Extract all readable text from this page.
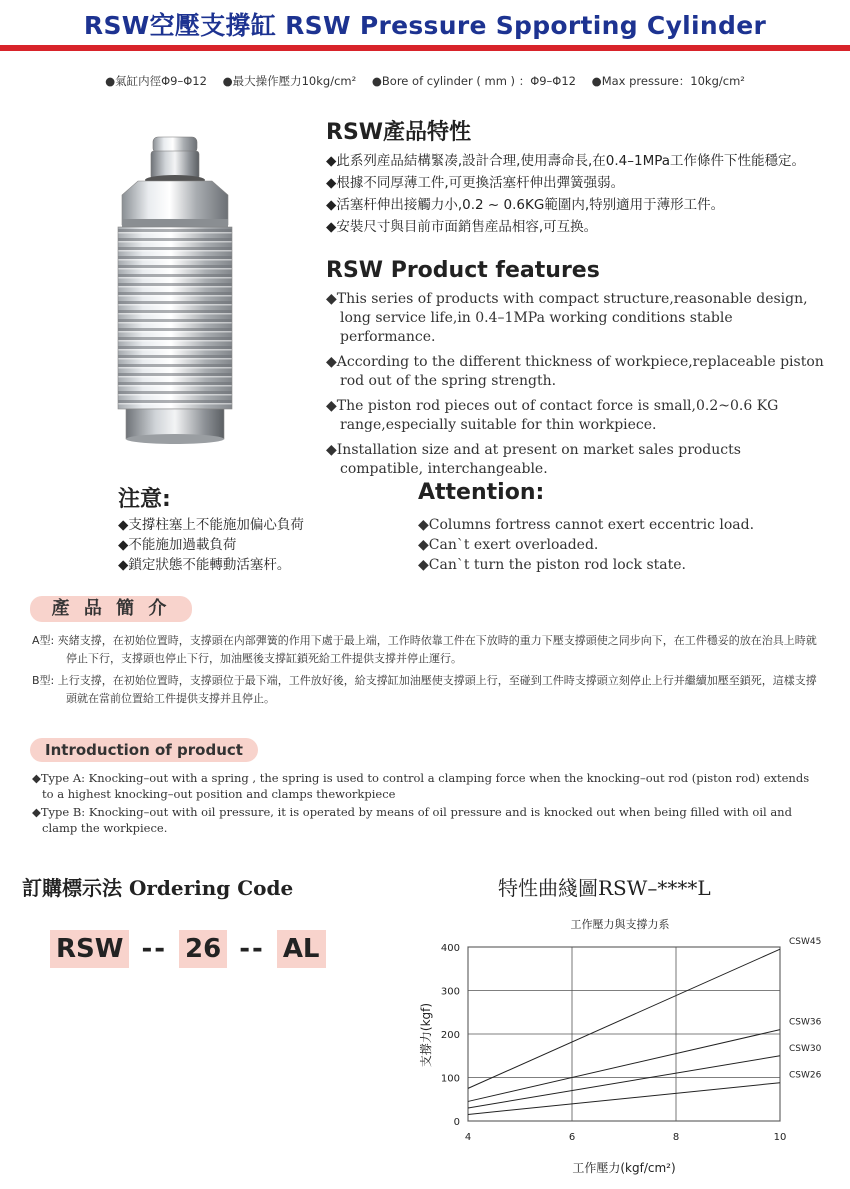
RSW空壓支撐缸 RSW Pressure Spporting Cylinder
●氣缸内徑Φ9–Φ12 ●最大操作壓力10kg/cm² ●Bore of cylinder ( mm ) ：Φ9–Φ12 ●Max pressure：10kg/cm²
RSW產品特性
◆此系列産品結構緊凑,設計合理,使用壽命長,在0.4–1MPa工作條件下性能穩定。
◆根據不同厚薄工件,可更換活塞杆伸出彈簧强弱。
◆活塞杆伸出接觸力小,0.2 ~ 0.6KG範圍内,特别適用于薄形工件。
◆安裝尺寸與目前市面銷售産品相容,可互换。
RSW Product features
◆This series of products with compact structure,reasonable design, long service life,in 0.4–1MPa working conditions stable performance.
◆According to the different thickness of workpiece,replaceable piston rod out of the spring strength.
◆The piston rod pieces out of contact force is small,0.2~0.6 KG range,especially suitable for thin workpiece.
◆Installation size and at present on market sales products compatible, interchangeable.
注意:
◆支撐柱塞上不能施加偏心負荷
◆不能施加過載負荷
◆鎖定狀態不能轉動活塞杆。
Attention:
◆Columns fortress cannot exert eccentric load.
◆Can`t exert overloaded.
◆Can`t turn the piston rod lock state.
產 品 簡 介
A型: 夾緒支撐，在初始位置時，支撐頭在内部彈簧的作用下處于最上端，工作時依靠工件在下放時的重力下壓支撐頭使之同步向下，在工件穩妥的放在治具上時就停止下行，支撐頭也停止下行，加油壓後支撐缸鎖死給工件提供支撐并停止運行。
B型: 上行支撐，在初始位置時，支撐頭位于最下端，工件放好後，給支撐缸加油壓使支撐頭上行，至碰到工件時支撐頭立刻停止上行并繼續加壓至鎖死，這樣支撐頭就在當前位置給工件提供支撐并且停止。
Introduction of product
◆Type A: Knocking–out with a spring , the spring is used to control a clamping force when the knocking–out rod (piston rod) extends to a highest knocking–out position and clamps theworkpiece
◆Type B: Knocking–out with oil pressure, it is operated by means of oil pressure and is knocked out when being filled with oil and clamp the workpiece.
訂購標示法 Ordering Code
RSW -- 26 -- AL
特性曲綫圖RSW–****L
工作壓力與支撐力系
4	6	8	10
0
100
200
300
400
CSW45
CSW36
CSW30
CSW26
工作壓力(kgf/cm²)
支撐力(kgf)
